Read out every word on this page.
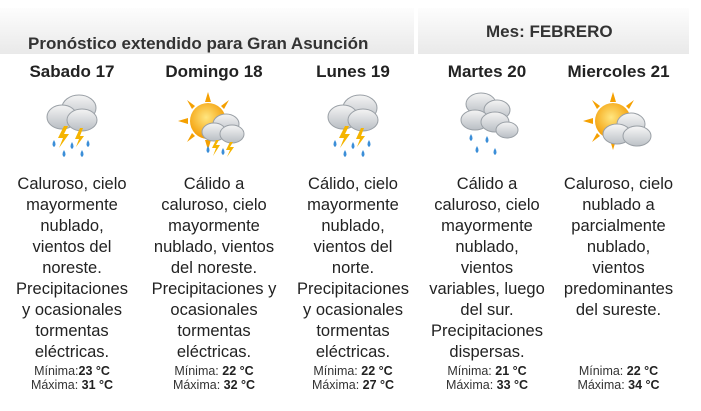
Pronóstico extendido para Gran Asunción
Mes: FEBRERO
Sabado 17
Caluroso, cielo
mayormente
nublado,
vientos del
noreste.
Precipitaciones
y ocasionales
tormentas
eléctricas.
Mínima:23 °C
Máxima: 31 °C
Domingo 18
Cálido a
caluroso, cielo
mayormente
nublado, vientos
del noreste.
Precipitaciones y
ocasionales
tormentas
eléctricas.
Mínima: 22 °C
Máxima: 32 °C
Lunes 19
Cálido, cielo
mayormente
nublado,
vientos del
norte.
Precipitaciones
y ocasionales
tormentas
eléctricas.
Mínima: 22 °C
Máxima: 27 °C
Martes 20
Cálido a
caluroso, cielo
mayormente
nublado,
vientos
variables, luego
del sur.
Precipitaciones
dispersas.
Mínima: 21 °C
Máxima: 33 °C
Miercoles 21
Caluroso, cielo
nublado a
parcialmente
nublado,
vientos
predominantes
del sureste.
Mínima: 22 °C
Máxima: 34 °C
